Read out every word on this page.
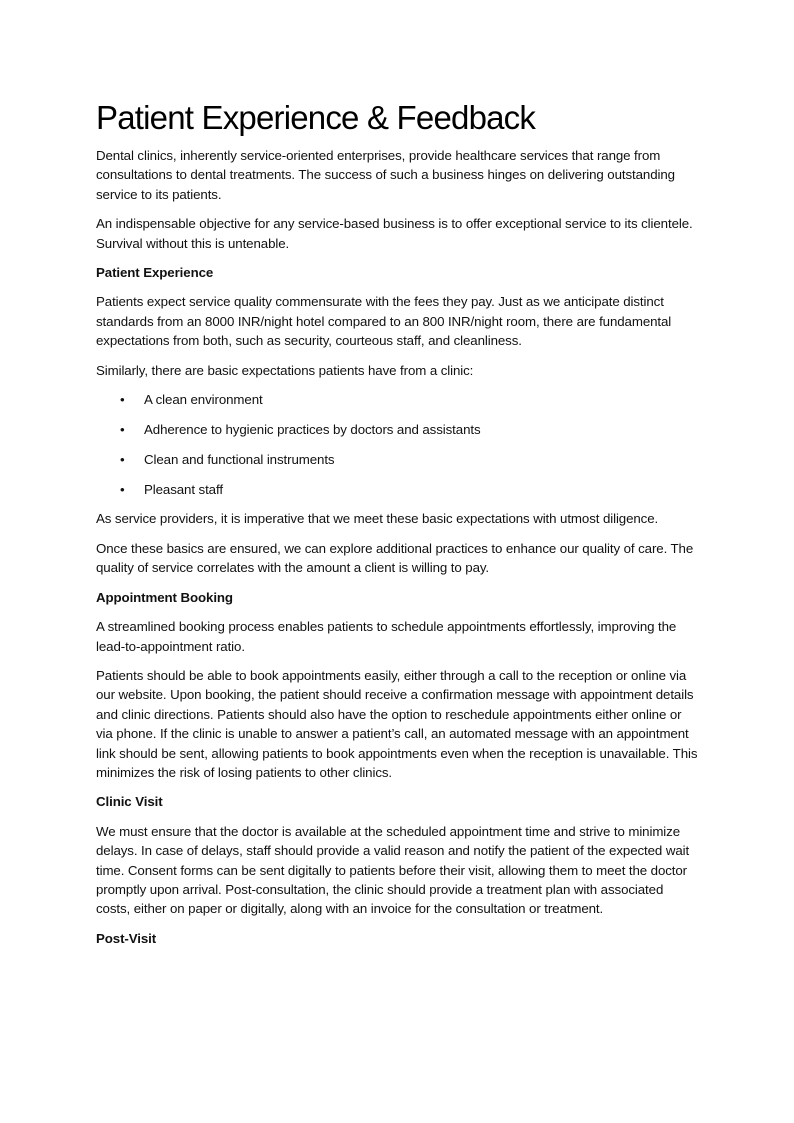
Patient Experience & Feedback

Dental clinics, inherently service-oriented enterprises, provide healthcare services that range from consultations to dental treatments. The success of such a business hinges on delivering outstanding service to its patients.

An indispensable objective for any service-based business is to offer exceptional service to its clientele. Survival without this is untenable.

Patient Experience

Patients expect service quality commensurate with the fees they pay. Just as we anticipate distinct standards from an 8000 INR/night hotel compared to an 800 INR/night room, there are fundamental expectations from both, such as security, courteous staff, and cleanliness.

Similarly, there are basic expectations patients have from a clinic:

• A clean environment
• Adherence to hygienic practices by doctors and assistants
• Clean and functional instruments
• Pleasant staff

As service providers, it is imperative that we meet these basic expectations with utmost diligence.

Once these basics are ensured, we can explore additional practices to enhance our quality of care. The quality of service correlates with the amount a client is willing to pay.

Appointment Booking

A streamlined booking process enables patients to schedule appointments effortlessly, improving the lead-to-appointment ratio.

Patients should be able to book appointments easily, either through a call to the reception or online via our website. Upon booking, the patient should receive a confirmation message with appointment details and clinic directions. Patients should also have the option to reschedule appointments either online or via phone. If the clinic is unable to answer a patient’s call, an automated message with an appointment link should be sent, allowing patients to book appointments even when the reception is unavailable. This minimizes the risk of losing patients to other clinics.

Clinic Visit

We must ensure that the doctor is available at the scheduled appointment time and strive to minimize delays. In case of delays, staff should provide a valid reason and notify the patient of the expected wait time. Consent forms can be sent digitally to patients before their visit, allowing them to meet the doctor promptly upon arrival. Post-consultation, the clinic should provide a treatment plan with associated costs, either on paper or digitally, along with an invoice for the consultation or treatment.

Post-Visit
